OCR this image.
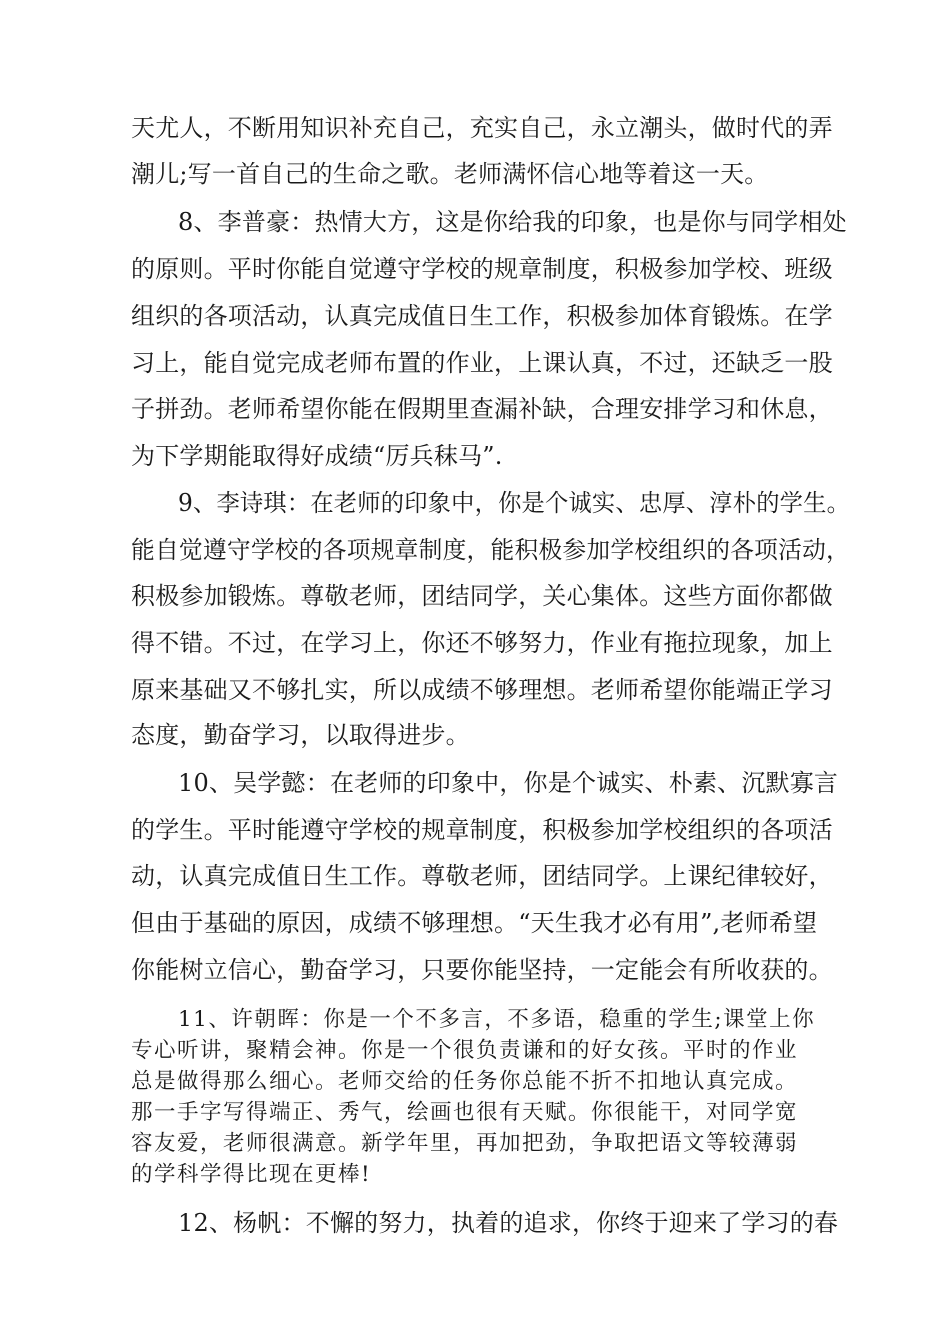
天尤人，不断用知识补充自己，充实自己，永立潮头，做时代的弄
潮儿;写一首自己的生命之歌。老师满怀信心地等着这一天。
8、李普豪：热情大方，这是你给我的印象，也是你与同学相处
的原则。平时你能自觉遵守学校的规章制度，积极参加学校、班级
组织的各项活动，认真完成值日生工作，积极参加体育锻炼。在学
习上，能自觉完成老师布置的作业，上课认真，不过，还缺乏一股
子拼劲。老师希望你能在假期里查漏补缺，合理安排学习和休息，
为下学期能取得好成绩“厉兵秣马”.
9、李诗琪：在老师的印象中，你是个诚实、忠厚、淳朴的学生。
能自觉遵守学校的各项规章制度，能积极参加学校组织的各项活动，
积极参加锻炼。尊敬老师，团结同学，关心集体。这些方面你都做
得不错。不过，在学习上，你还不够努力，作业有拖拉现象，加上
原来基础又不够扎实，所以成绩不够理想。老师希望你能端正学习
态度，勤奋学习，以取得进步。
10、吴学懿：在老师的印象中，你是个诚实、朴素、沉默寡言
的学生。平时能遵守学校的规章制度，积极参加学校组织的各项活
动，认真完成值日生工作。尊敬老师，团结同学。上课纪律较好，
但由于基础的原因，成绩不够理想。“天生我才必有用”,老师希望
你能树立信心，勤奋学习，只要你能坚持，一定能会有所收获的。
11、许朝晖：你是一个不多言，不多语，稳重的学生;课堂上你
专心听讲，聚精会神。你是一个很负责谦和的好女孩。平时的作业
总是做得那么细心。老师交给的任务你总能不折不扣地认真完成。
那一手字写得端正、秀气，绘画也很有天赋。你很能干，对同学宽
容友爱，老师很满意。新学年里，再加把劲，争取把语文等较薄弱
的学科学得比现在更棒!
12、杨帆：不懈的努力，执着的追求，你终于迎来了学习的春
